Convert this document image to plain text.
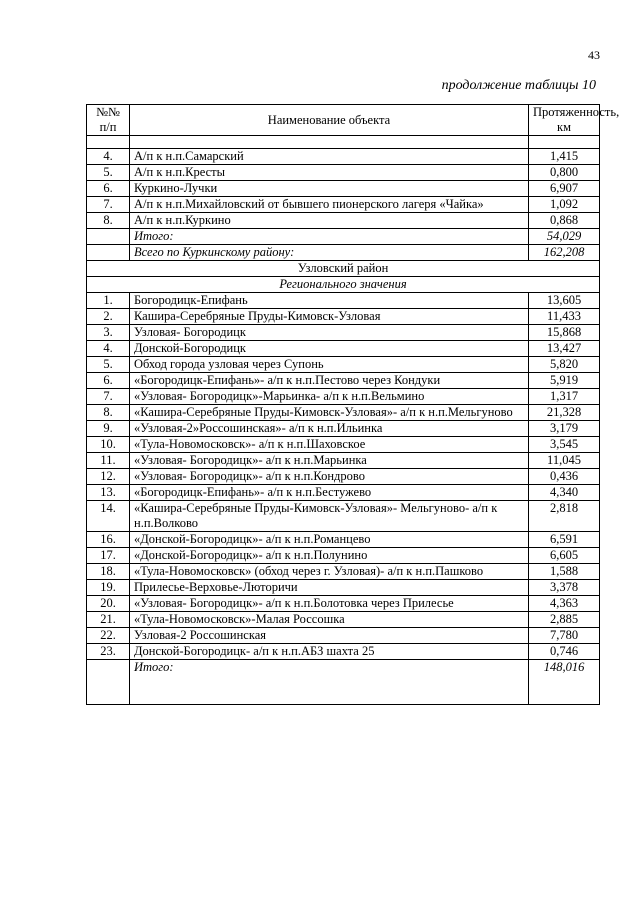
43
продолжение таблицы 10
№№ п/п	Наименование объекта	Протяженность, км

4.	А/п к н.п.Самарский	1,415
5.	А/п к н.п.Кресты	0,800
6.	Куркино-Лучки	6,907
7.	А/п к н.п.Михайловский от бывшего пионерского лагеря «Чайка»	1,092
8.	А/п к н.п.Куркино	0,868
	Итого:	54,029
	Всего по Куркинскому району:	162,208
Узловский район		
Регионального значения		
1.	Богородицк-Епифань	13,605
2.	Кашира-Серебряные Пруды-Кимовск-Узловая	11,433
3.	Узловая- Богородицк	15,868
4.	Донской-Богородицк	13,427
5.	Обход города узловая через Супонь	5,820
6.	«Богородицк-Епифань»- а/п к н.п.Пестово через Кондуки	5,919
7.	«Узловая- Богородицк»-Марьинка- а/п к н.п.Вельмино	1,317
8.	«Кашира-Серебряные Пруды-Кимовск-Узловая»- а/п к н.п.Мельгуново	21,328
9.	«Узловая-2»Россошинская»- а/п к н.п.Ильинка	3,179
10.	«Тула-Новомосковск»- а/п к н.п.Шаховское	3,545
11.	«Узловая- Богородицк»- а/п к н.п.Марьинка	11,045
12.	«Узловая- Богородицк»- а/п к н.п.Кондрово	0,436
13.	«Богородицк-Епифань»- а/п к н.п.Бестужево	4,340
14.	«Кашира-Серебряные Пруды-Кимовск-Узловая»- Мельгуново- а/п к н.п.Волково	2,818
16.	«Донской-Богородицк»- а/п к н.п.Романцево	6,591
17.	«Донской-Богородицк»- а/п к н.п.Полунино	6,605
18.	«Тула-Новомосковск» (обход через г. Узловая)- а/п к н.п.Пашково	1,588
19.	Прилесье-Верховье-Люторичи	3,378
20.	«Узловая- Богородицк»- а/п к н.п.Болотовка через Прилесье	4,363
21.	«Тула-Новомосковск»-Малая Россошка	2,885
22.	Узловая-2 Россошинская	7,780
23.	Донской-Богородицк- а/п к н.п.АБЗ шахта 25	0,746
	Итого:	148,016
